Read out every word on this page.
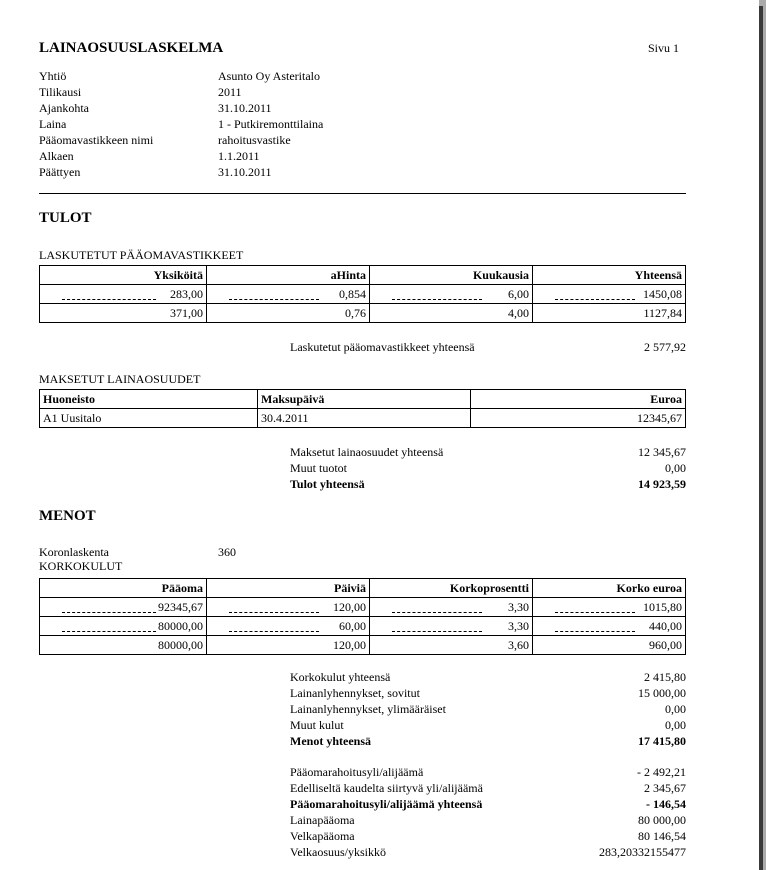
LAINAOSUUSLASKELMA	Sivu 1
Yhtiö	Asunto Oy Asteritalo
Tilikausi	2011
Ajankohta	31.10.2011
Laina	1 - Putkiremonttilaina
Pääomavastikkeen nimi	rahoitusvastike
Alkaen	1.1.2011
Päättyen	31.10.2011
TULOT
LASKUTETUT PÄÄOMAVASTIKKEET
Yksiköitä	aHinta	Kuukausia	Yhteensä
283,00	0,854	6,00	1450,08
371,00	0,76	4,00	1127,84
Laskutetut pääomavastikkeet yhteensä	2 577,92
MAKSETUT LAINAOSUUDET
Huoneisto	Maksupäivä	Euroa
A1 Uusitalo	30.4.2011	12345,67
Maksetut lainaosuudet yhteensä	12 345,67
Muut tuotot	0,00
Tulot yhteensä	14 923,59
MENOT
Koronlaskenta	360
KORKOKULUT
Pääoma	Päiviä	Korkoprosentti	Korko euroa
92345,67	120,00	3,30	1015,80
80000,00	60,00	3,30	440,00
80000,00	120,00	3,60	960,00
Korkokulut yhteensä	2 415,80
Lainanlyhennykset, sovitut	15 000,00
Lainanlyhennykset, ylimääräiset	0,00
Muut kulut	0,00
Menot yhteensä	17 415,80
Pääomarahoitusyli/alijäämä	- 2 492,21
Edelliseltä kaudelta siirtyvä yli/alijäämä	2 345,67
Pääomarahoitusyli/alijäämä yhteensä	- 146,54
Lainapääoma	80 000,00
Velkapääoma	80 146,54
Velkaosuus/yksikkö	283,20332155477
